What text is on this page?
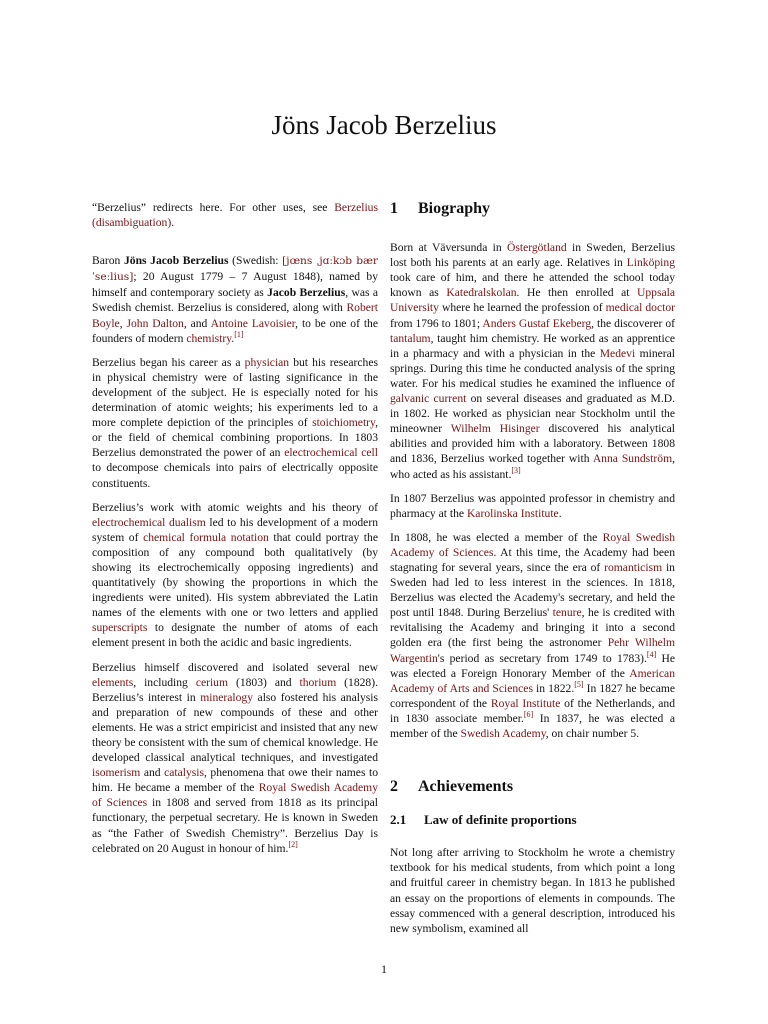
Jöns Jacob Berzelius

“Berzelius” redirects here. For other uses, see Berzelius (disambiguation).

Baron Jöns Jacob Berzelius (Swedish: [jœns ˌjɑːkɔb bærˈseːlius]; 20 August 1779 – 7 August 1848), named by himself and contemporary society as Jacob Berzelius, was a Swedish chemist. Berzelius is considered, along with Robert Boyle, John Dalton, and Antoine Lavoisier, to be one of the founders of modern chemistry.[1]

Berzelius began his career as a physician but his researches in physical chemistry were of lasting significance in the development of the subject. He is especially noted for his determination of atomic weights; his experiments led to a more complete depiction of the principles of stoichiometry, or the field of chemical combining proportions. In 1803 Berzelius demonstrated the power of an electrochemical cell to decompose chemicals into pairs of electrically opposite constituents.

Berzelius’s work with atomic weights and his theory of electrochemical dualism led to his development of a modern system of chemical formula notation that could portray the composition of any compound both qualitatively (by showing its electrochemically opposing ingredients) and quantitatively (by showing the proportions in which the ingredients were united). His system abbreviated the Latin names of the elements with one or two letters and applied superscripts to designate the number of atoms of each element present in both the acidic and basic ingredients.

Berzelius himself discovered and isolated several new elements, including cerium (1803) and thorium (1828). Berzelius’s interest in mineralogy also fostered his analysis and preparation of new compounds of these and other elements. He was a strict empiricist and insisted that any new theory be consistent with the sum of chemical knowledge. He developed classical analytical techniques, and investigated isomerism and catalysis, phenomena that owe their names to him. He became a member of the Royal Swedish Academy of Sciences in 1808 and served from 1818 as its principal functionary, the perpetual secretary. He is known in Sweden as “the Father of Swedish Chemistry”. Berzelius Day is celebrated on 20 August in honour of him.[2]

1 Biography

Born at Väversunda in Östergötland in Sweden, Berzelius lost both his parents at an early age. Relatives in Linköping took care of him, and there he attended the school today known as Katedralskolan. He then enrolled at Uppsala University where he learned the profession of medical doctor from 1796 to 1801; Anders Gustaf Ekeberg, the discoverer of tantalum, taught him chemistry. He worked as an apprentice in a pharmacy and with a physician in the Medevi mineral springs. During this time he conducted analysis of the spring water. For his medical studies he examined the influence of galvanic current on several diseases and graduated as M.D. in 1802. He worked as physician near Stockholm until the mineowner Wilhelm Hisinger discovered his analytical abilities and provided him with a laboratory. Between 1808 and 1836, Berzelius worked together with Anna Sundström, who acted as his assistant.[3]

In 1807 Berzelius was appointed professor in chemistry and pharmacy at the Karolinska Institute.

In 1808, he was elected a member of the Royal Swedish Academy of Sciences. At this time, the Academy had been stagnating for several years, since the era of romanticism in Sweden had led to less interest in the sciences. In 1818, Berzelius was elected the Academy's secretary, and held the post until 1848. During Berzelius' tenure, he is credited with revitalising the Academy and bringing it into a second golden era (the first being the astronomer Pehr Wilhelm Wargentin's period as secretary from 1749 to 1783).[4] He was elected a Foreign Honorary Member of the American Academy of Arts and Sciences in 1822.[5] In 1827 he became correspondent of the Royal Institute of the Netherlands, and in 1830 associate member.[6] In 1837, he was elected a member of the Swedish Academy, on chair number 5.

2 Achievements
2.1 Law of definite proportions

Not long after arriving to Stockholm he wrote a chemistry textbook for his medical students, from which point a long and fruitful career in chemistry began. In 1813 he published an essay on the proportions of elements in compounds. The essay commenced with a general description, introduced his new symbolism, examined all

1
